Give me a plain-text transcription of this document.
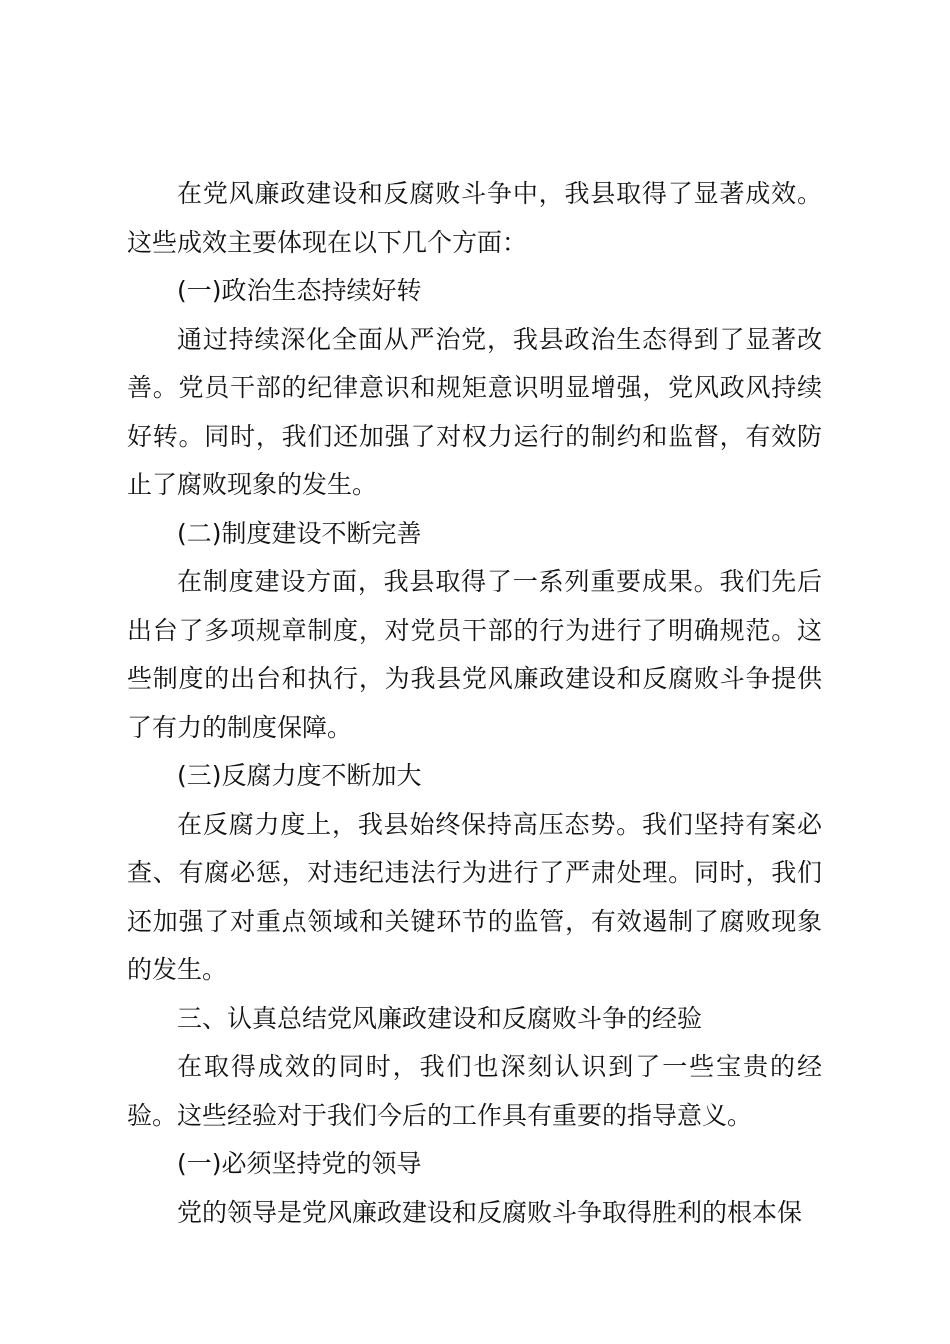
在党风廉政建设和反腐败斗争中，我县取得了显著成效。这些成效主要体现在以下几个方面：

(一)政治生态持续好转

通过持续深化全面从严治党，我县政治生态得到了显著改善。党员干部的纪律意识和规矩意识明显增强，党风政风持续好转。同时，我们还加强了对权力运行的制约和监督，有效防止了腐败现象的发生。

(二)制度建设不断完善

在制度建设方面，我县取得了一系列重要成果。我们先后出台了多项规章制度，对党员干部的行为进行了明确规范。这些制度的出台和执行，为我县党风廉政建设和反腐败斗争提供了有力的制度保障。

(三)反腐力度不断加大

在反腐力度上，我县始终保持高压态势。我们坚持有案必查、有腐必惩，对违纪违法行为进行了严肃处理。同时，我们还加强了对重点领域和关键环节的监管，有效遏制了腐败现象的发生。

三、认真总结党风廉政建设和反腐败斗争的经验

在取得成效的同时，我们也深刻认识到了一些宝贵的经验。这些经验对于我们今后的工作具有重要的指导意义。

(一)必须坚持党的领导

党的领导是党风廉政建设和反腐败斗争取得胜利的根本保
